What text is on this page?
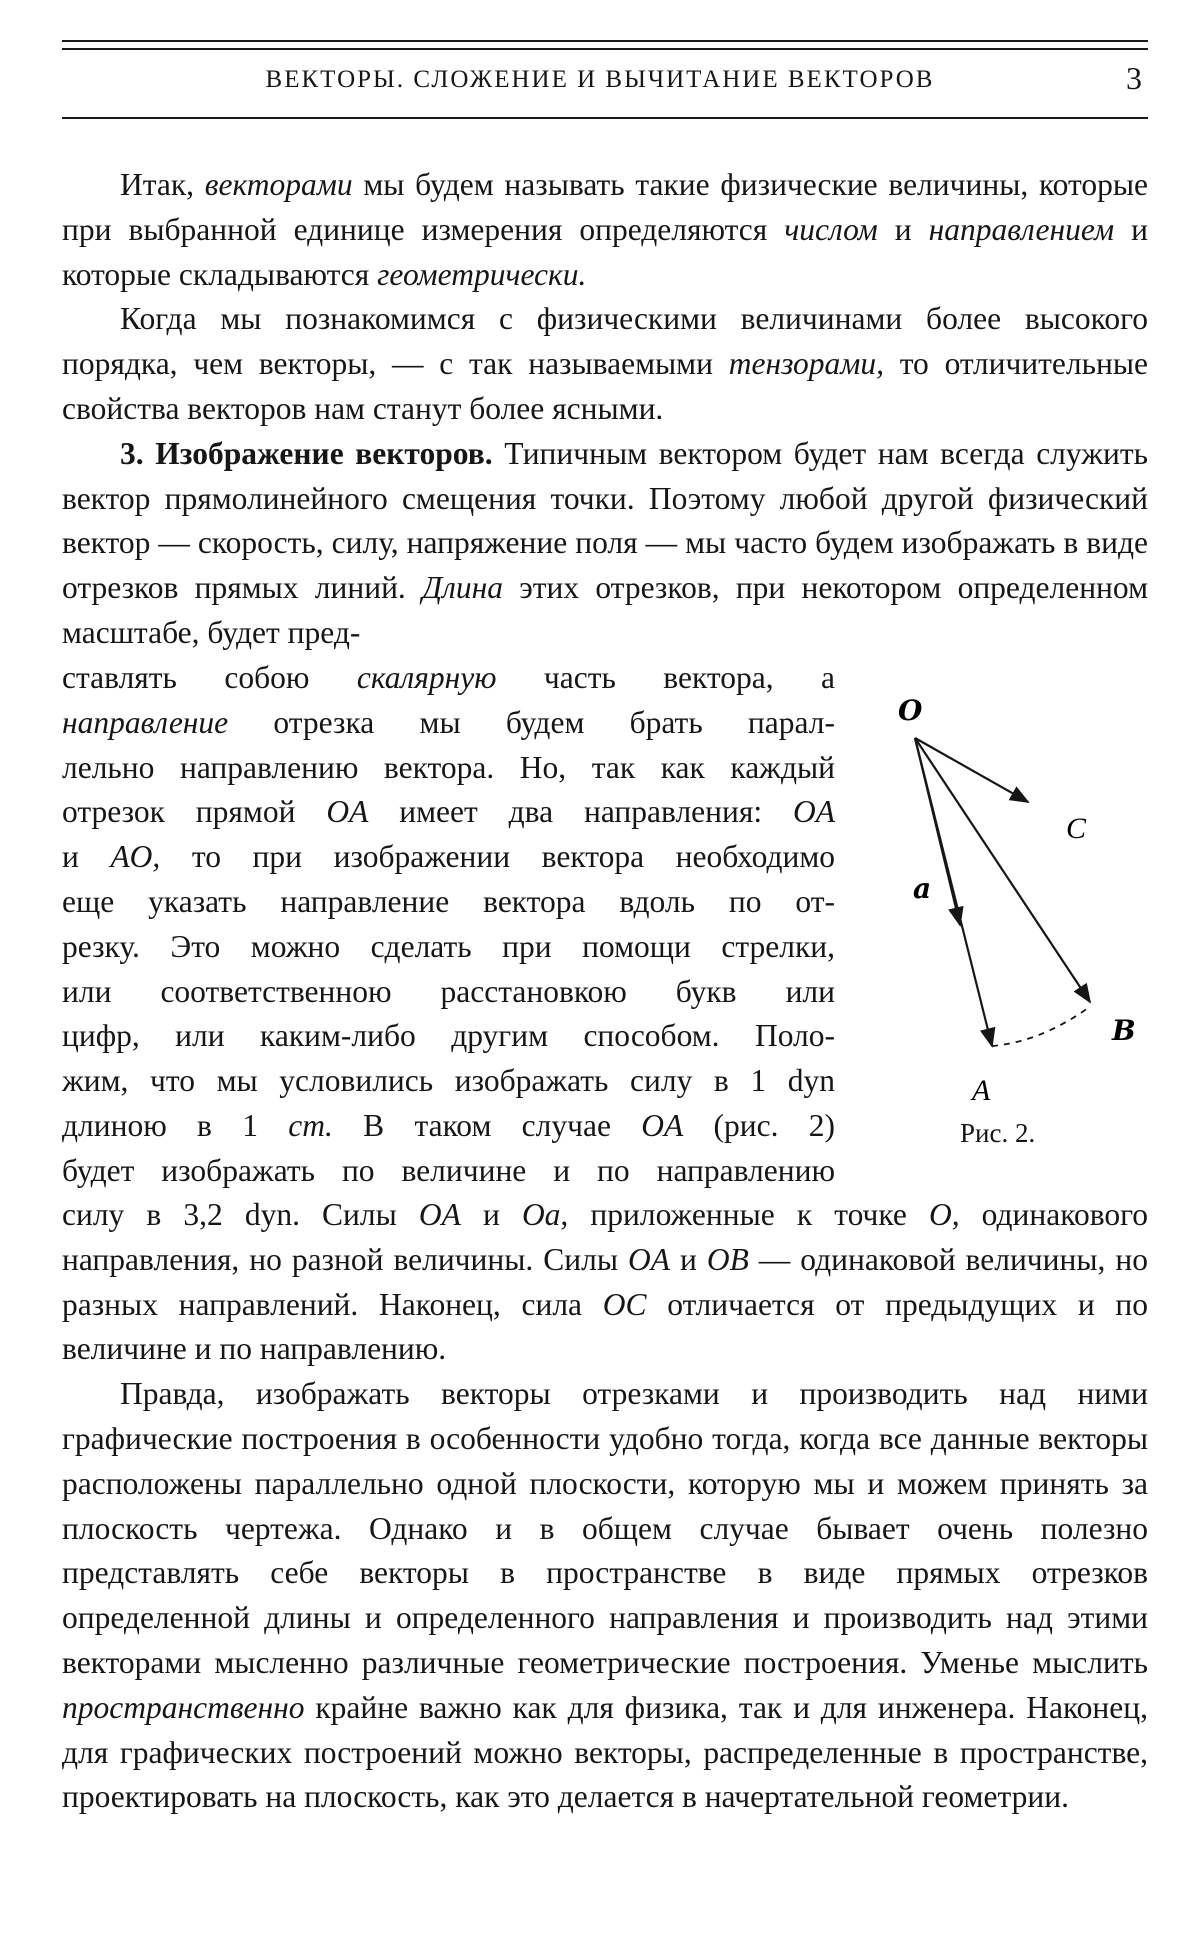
ВЕКТОРЫ. СЛОЖЕНИЕ И ВЫЧИТАНИЕ ВЕКТОРОВ	3

Итак, векторами мы будем называть такие физические величины, которые при выбранной единице измерения определяются числом и направлением и которые складываются геометрически.

Когда мы познакомимся с физическими величинами более высокого порядка, чем векторы, — с так называемыми тензорами, то отличительные свойства векторов нам станут более ясными.

3. Изображение векторов. Типичным вектором будет нам всегда служить вектор прямолинейного смещения точки. Поэтому любой другой физический вектор — скорость, силу, напряжение поля — мы часто будем изображать в виде отрезков прямых линий. Длина этих отрезков, при некотором определенном масштабе, будет пред-

ставлять собою скалярную часть вектора, а
направление отрезка мы будем брать парал-
лельно направлению вектора. Но, так как каждый
отрезок прямой OA имеет два направления: OA
и AO, то при изображении вектора необходимо
еще указать направление вектора вдоль по от-
резку. Это можно сделать при помощи стрелки,
или соответственною расстановкою букв или
цифр, или каким-либо другим способом. Поло-
жим, что мы условились изображать силу в 1 dyn
длиною в 1 cm. В таком случае OA (рис. 2)
будет изображать по величине и по направлению
O
C
a
B
A
Рис. 2.

силу в 3,2 dyn. Силы OA и Oa, приложенные к точке O, одинакового направления, но разной величины. Силы OA и OB — одинаковой величины, но разных направлений. Наконец, сила OC отличается от предыдущих и по величине и по направлению.

Правда, изображать векторы отрезками и производить над ними графические построения в особенности удобно тогда, когда все данные векторы расположены параллельно одной плоскости, которую мы и можем принять за плоскость чертежа. Однако и в общем случае бывает очень полезно представлять себе векторы в пространстве в виде прямых отрезков определенной длины и определенного направления и производить над этими векторами мысленно различные геометрические построения. Уменье мыслить пространственно крайне важно как для физика, так и для инженера. Наконец, для графических построений можно векторы, распределенные в пространстве, проектировать на плоскость, как это делается в начертательной геометрии.
